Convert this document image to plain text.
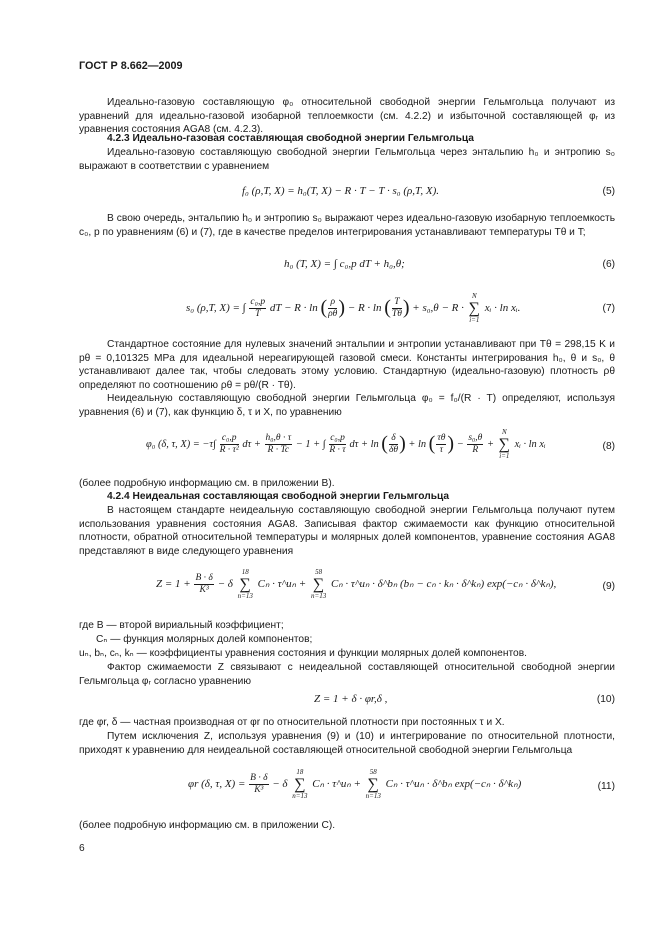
ГОСТ Р 8.662—2009
Идеально-газовую составляющую φ₀ относительной свободной энергии Гельмгольца получают из уравнений для идеально-газовой изобарной теплоемкости (см. 4.2.2) и избыточной составляющей φᵣ из уравнения состояния AGA8 (см. 4.2.3).
4.2.3 Идеально-газовая составляющая свободной энергии Гельмгольца
Идеально-газовую составляющую свободной энергии Гельмгольца через энтальпию h₀ и энтропию s₀ выражают в соответствии с уравнением
f₀ (ρ,T, X) = h₀(T, X) − R · T − T · s₀ (ρ,T, X).	(5)
В свою очередь, энтальпию h₀ и энтропию s₀ выражают через идеально-газовую изобарную теплоемкость c₀, p по уравнениям (6) и (7), где в качестве пределов интегрирования устанавливают температуры Tθ и T;
h₀ (T, X) = ∫ c₀,p dT + h₀,θ;	(6)
s₀ (ρ,T, X) = ∫ $\frac{\text{c₀,p}}{T}$ dT − R · ln ( $\frac{\rho}{\rho\theta}$ ) − R · ln ( $\frac{T}{T\theta}$ ) + s₀,θ − R ·
N
∑
i=1
xᵢ · ln xᵢ.	(7)
Стандартное состояние для нулевых значений энтальпии и энтропии устанавливают при Tθ = 298,15 K и pθ = 0,101325 MPa для идеальной нереагирующей газовой смеси. Константы интегрирования h₀, θ и s₀, θ устанавливают далее так, чтобы следовать этому условию. Стандартную (идеально-газовую) плотность ρθ определяют по соотношению ρθ = pθ/(R · Tθ).
Неидеальную составляющую свободной энергии Гельмгольца φ₀ = f₀/(R · T) определяют, используя уравнения (6) и (7), как функцию δ, τ и X, по уравнению
φ₀ (δ, τ, $X) = -\tau\int \frac{\text{c₀,p}}{\text{R · τ²}}$ $d\tau + \frac{\text{h₀,θ · τ}}{R \cdot Tc} - 1$ + ∫ $\frac{\text{c₀,p}}{R \cdot \tau}$ dτ + ln ( $\frac{\delta}{\delta\theta}$ ) + ln ( $\frac{\tau\theta}{\tau}$ ) − $\frac{\text{s₀,θ}}{R}$ +
N
∑
i=1
xᵢ · ln xᵢ	(8)
(более подробную информацию см. в приложении B).
4.2.4 Неидеальная составляющая свободной энергии Гельмгольца
В настоящем стандарте неидеальную составляющую свободной энергии Гельмгольца получают путем использования уравнения состояния AGA8. Записывая фактор сжимаемости как функцию относительной плотности, обратной относительной температуры и молярных долей компонентов, уравнение состояния AGA8 представляют в виде следующего уравнения
$Z = 1 + \frac{B \cdot \delta}{\text{K³}} - \delta$
18
∑
n=13
Cₙ · τ^uₙ +
58
∑
n=13
Cₙ · τ^uₙ · δ^bₙ (bₙ − cₙ · kₙ · δ^kₙ) exp(−cₙ · δ^kₙ),	(9)
где B — второй вириальный коэффициент;
Cₙ — функция молярных долей компонентов;
uₙ, bₙ, cₙ, kₙ — коэффициенты уравнения состояния и функции молярных долей компонентов.
Фактор сжимаемости Z связывают с неидеальной составляющей относительной свободной энергии Гельмгольца φᵣ согласно уравнению
Z = 1 + δ · φr,δ ,	(10)
где φr, δ — частная производная от φr по относительной плотности при постоянных τ и X.
Путем исключения Z, используя уравнения (9) и (10) и интегрирование по относительной плотности, приходят к уравнению для неидеальной составляющей относительной свободной энергии Гельмгольца
φr (δ, τ, $X) = \frac{B \cdot \delta}{\text{K³}} - \delta$
18
∑
n=13
Cₙ · τ^uₙ +
58
∑
n=13
Cₙ · τ^uₙ · δ^bₙ exp(−cₙ · δ^kₙ)	(11)
(более подробную информацию см. в приложении C).
6
